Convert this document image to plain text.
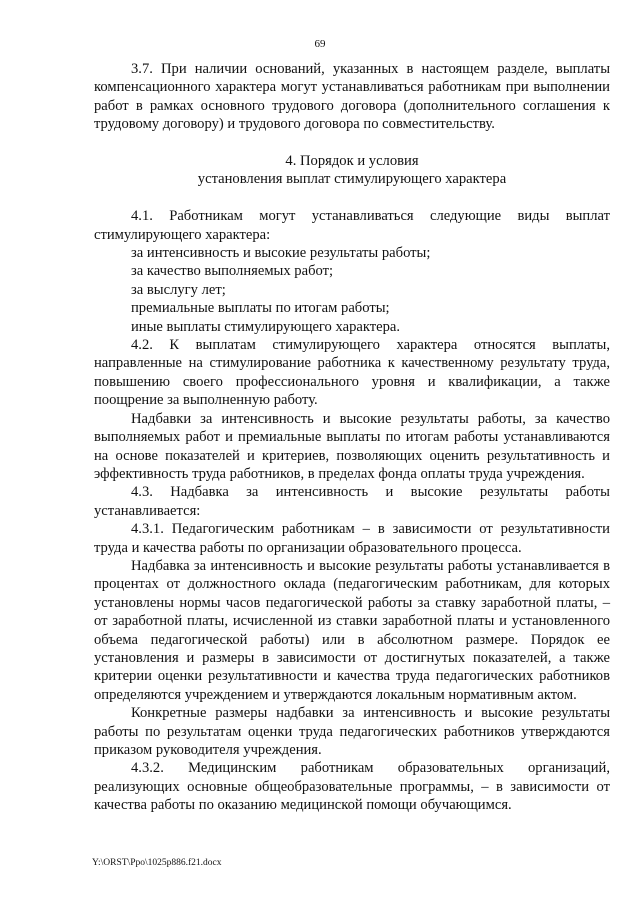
69

3.7. При наличии оснований, указанных в настоящем разделе, выплаты компенсационного характера могут устанавливаться работникам при выполнении работ в рамках основного трудового договора (дополнительного соглашения к трудовому договору) и трудового договора по совместительству.

4. Порядок и условия

установления выплат стимулирующего характера

4.1. Работникам могут устанавливаться следующие виды выплат стимулирующего характера:

за интенсивность и высокие результаты работы;

за качество выполняемых работ;

за выслугу лет;

премиальные выплаты по итогам работы;

иные выплаты стимулирующего характера.

4.2. К выплатам стимулирующего характера относятся выплаты, направленные на стимулирование работника к качественному результату труда, повышению своего профессионального уровня и квалификации, а также поощрение за выполненную работу.

Надбавки за интенсивность и высокие результаты работы, за качество выполняемых работ и премиальные выплаты по итогам работы устанавливаются на основе показателей и критериев, позволяющих оценить результативность и эффективность труда работников, в пределах фонда оплаты труда учреждения.

4.3. Надбавка за интенсивность и высокие результаты работы устанавливается:

4.3.1. Педагогическим работникам – в зависимости от результативности труда и качества работы по организации образовательного процесса.

Надбавка за интенсивность и высокие результаты работы устанавливается в процентах от должностного оклада (педагогическим работникам, для которых установлены нормы часов педагогической работы за ставку заработной платы, – от заработной платы, исчисленной из ставки заработной платы и установленного объема педагогической работы) или в абсолютном размере. Порядок ее установления и размеры в зависимости от достигнутых показателей, а также критерии оценки результативности и качества труда педагогических работников определяются учреждением и утверждаются локальным нормативным актом.

Конкретные размеры надбавки за интенсивность и высокие результаты работы по результатам оценки труда педагогических работников утверждаются приказом руководителя учреждения.

4.3.2. Медицинским работникам образовательных организаций, реализующих основные общеобразовательные программы, – в зависимости от качества работы по оказанию медицинской помощи обучающимся.

Y:\ORST\Ppo\1025p886.f21.docx
